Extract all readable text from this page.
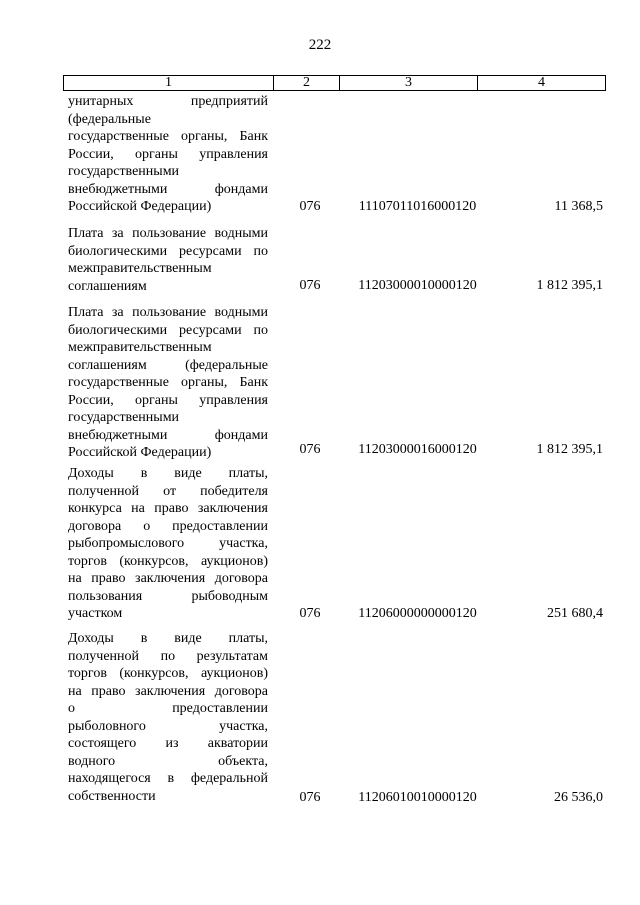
222
1	2	3	4
унитарных предприятий
(федеральные
государственные органы, Банк
России, органы управления
государственными
внебюджетными фондами
Российской Федерации)	076	11107011016000120	11 368,5
Плата за пользование водными
биологическими ресурсами по
межправительственным
соглашениям	076	11203000010000120	1 812 395,1
Плата за пользование водными
биологическими ресурсами по
межправительственным
соглашениям (федеральные
государственные органы, Банк
России, органы управления
государственными
внебюджетными фондами
Российской Федерации)	076	11203000016000120	1 812 395,1
Доходы в виде платы,
полученной от победителя
конкурса на право заключения
договора о предоставлении
рыбопромыслового участка,
торгов (конкурсов, аукционов)
на право заключения договора
пользования рыбоводным
участком	076	11206000000000120	251 680,4
Доходы в виде платы,
полученной по результатам
торгов (конкурсов, аукционов)
на право заключения договора
о предоставлении
рыболовного участка,
состоящего из акватории
водного объекта,
находящегося в федеральной
собственности	076	11206010010000120	26 536,0
